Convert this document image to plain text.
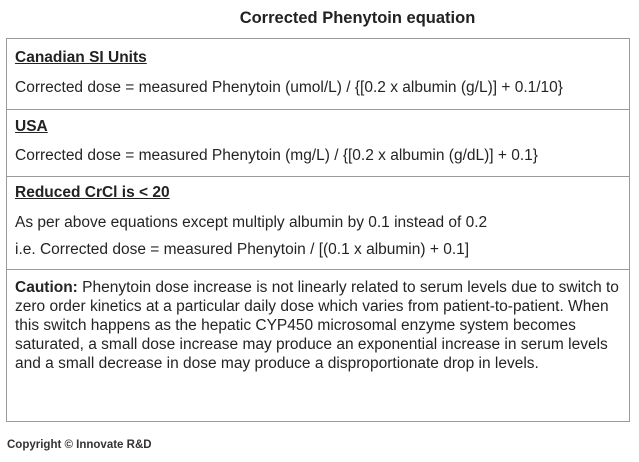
Corrected Phenytoin equation
Canadian SI Units
Corrected dose = measured Phenytoin (umol/L) / {[0.2 x albumin (g/L)] + 0.1/10}
USA
Corrected dose = measured Phenytoin (mg/L) / {[0.2 x albumin (g/dL)] + 0.1}
Reduced CrCl is < 20
As per above equations except multiply albumin by 0.1 instead of 0.2
i.e. Corrected dose = measured Phenytoin / [(0.1 x albumin) + 0.1]
Caution: Phenytoin dose increase is not linearly related to serum levels due to switch to zero order kinetics at a particular daily dose which varies from patient-to-patient. When this switch happens as the hepatic CYP450 microsomal enzyme system becomes saturated, a small dose increase may produce an exponential increase in serum levels and a small decrease in dose may produce a disproportionate drop in levels.
Copyright © Innovate R&D
